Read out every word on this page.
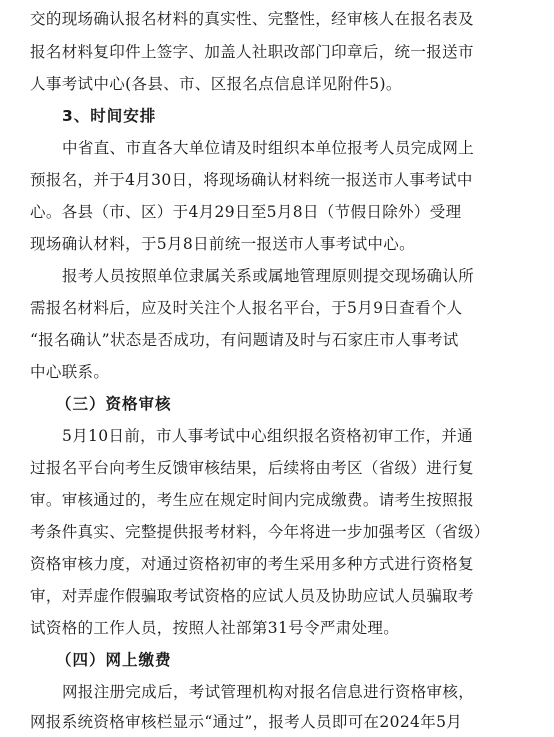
交的现场确认报名材料的真实性、完整性，经审核人在报名表及
报名材料复印件上签字、加盖人社职改部门印章后，统一报送市
人事考试中心(各县、市、区报名点信息详见附件5)。
3、时间安排
中省直、市直各大单位请及时组织本单位报考人员完成网上
预报名，并于4月30日，将现场确认材料统一报送市人事考试中
心。各县（市、区）于4月29日至5月8日（节假日除外）受理
现场确认材料，于5月8日前统一报送市人事考试中心。
报考人员按照单位隶属关系或属地管理原则提交现场确认所
需报名材料后，应及时关注个人报名平台，于5月9日查看个人
“报名确认”状态是否成功，有问题请及时与石家庄市人事考试
中心联系。
（三）资格审核
5月10日前，市人事考试中心组织报名资格初审工作，并通
过报名平台向考生反馈审核结果，后续将由考区（省级）进行复
审。审核通过的，考生应在规定时间内完成缴费。请考生按照报
考条件真实、完整提供报考材料，今年将进一步加强考区（省级）
资格审核力度，对通过资格初审的考生采用多种方式进行资格复
审，对弄虚作假骗取考试资格的应试人员及协助应试人员骗取考
试资格的工作人员，按照人社部第31号令严肃处理。
（四）网上缴费
网报注册完成后，考试管理机构对报名信息进行资格审核，
网报系统资格审核栏显示“通过”，报考人员即可在2024年5月
